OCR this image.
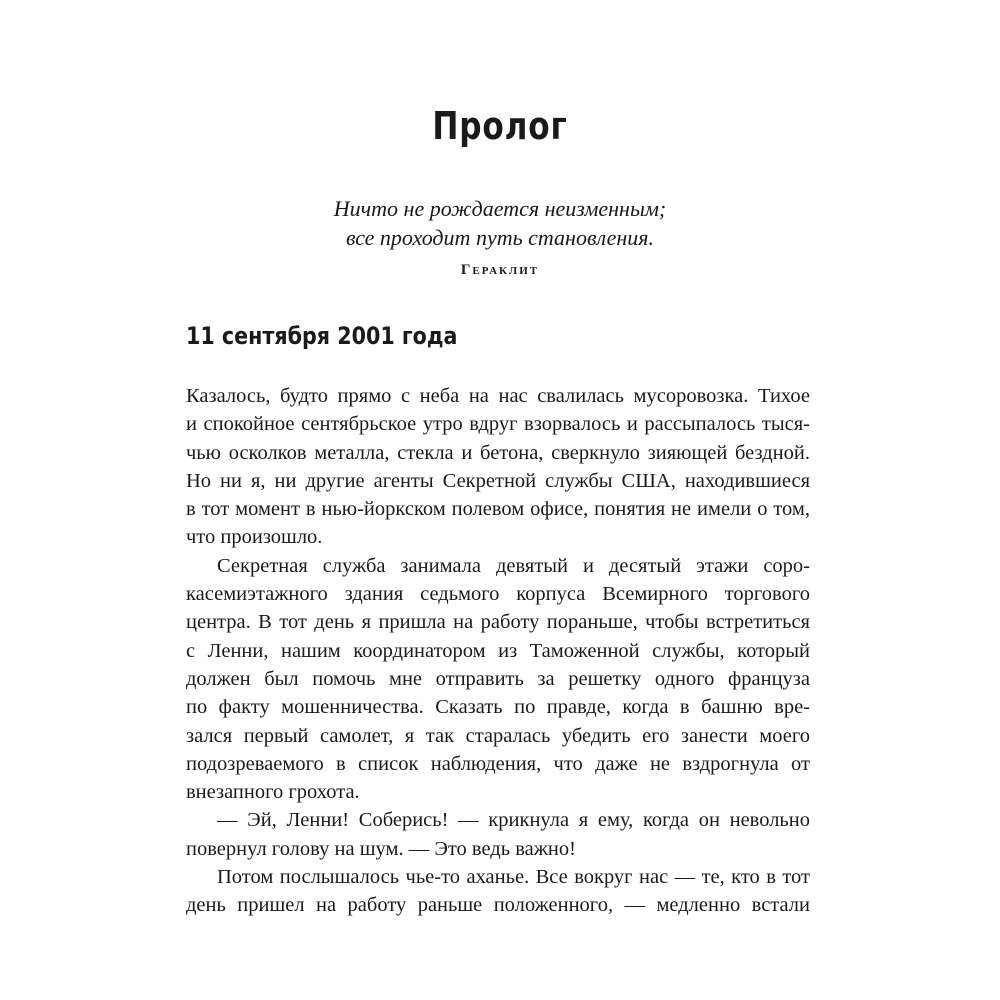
Пролог
Ничто не рождается неизменным;
все проходит путь становления.
Гераклит
11 сентября 2001 года
Казалось, будто прямо с неба на нас свалилась мусоровозка. Тихое
и спокойное сентябрьское утро вдруг взорвалось и рассыпалось тыся-
чью осколков металла, стекла и бетона, сверкнуло зияющей бездной.
Но ни я, ни другие агенты Секретной службы США, находившиеся
в тот момент в нью-йоркском полевом офисе, понятия не имели о том,
что произошло.
Секретная служба занимала девятый и десятый этажи соро-
касемиэтажного здания седьмого корпуса Всемирного торгового
центра. В тот день я пришла на работу пораньше, чтобы встретиться
с Ленни, нашим координатором из Таможенной службы, который
должен был помочь мне отправить за решетку одного француза
по факту мошенничества. Сказать по правде, когда в башню вре-
зался первый самолет, я так старалась убедить его занести моего
подозреваемого в список наблюдения, что даже не вздрогнула от
внезапного грохота.
— Эй, Ленни! Соберись! — крикнула я ему, когда он невольно
повернул голову на шум. — Это ведь важно!
Потом послышалось чье-то аханье. Все вокруг нас — те, кто в тот
день пришел на работу раньше положенного, — медленно встали
